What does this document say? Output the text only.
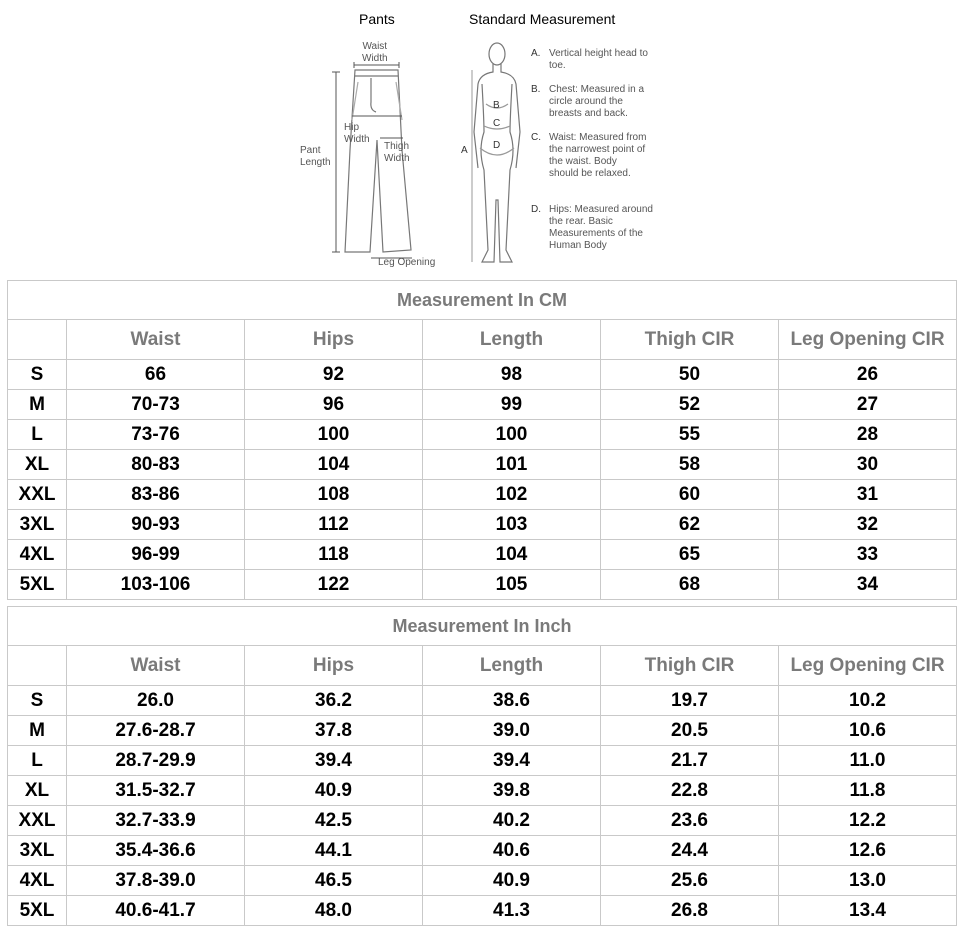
Pants	Standard Measurement
Waist
Width
Hip
Width
Thigh
Width
Pant
Length
Leg Opening
A
B
C
D
A. Vertical height head to toe.
B. Chest: Measured in a circle around the breasts and back.
C. Waist: Measured from the narrowest point of the waist. Body should be relaxed.
D. Hips: Measured around the rear. Basic Measurements of the Human Body
Measurement In CM					
	Waist	Hips	Length	Thigh CIR	Leg Opening CIR
S	66	92	98	50	26
M	70-73	96	99	52	27
L	73-76	100	100	55	28
XL	80-83	104	101	58	30
XXL	83-86	108	102	60	31
3XL	90-93	112	103	62	32
4XL	96-99	118	104	65	33
5XL	103-106	122	105	68	34
Measurement In Inch					
	Waist	Hips	Length	Thigh CIR	Leg Opening CIR
S	26.0	36.2	38.6	19.7	10.2
M	27.6-28.7	37.8	39.0	20.5	10.6
L	28.7-29.9	39.4	39.4	21.7	11.0
XL	31.5-32.7	40.9	39.8	22.8	11.8
XXL	32.7-33.9	42.5	40.2	23.6	12.2
3XL	35.4-36.6	44.1	40.6	24.4	12.6
4XL	37.8-39.0	46.5	40.9	25.6	13.0
5XL	40.6-41.7	48.0	41.3	26.8	13.4
